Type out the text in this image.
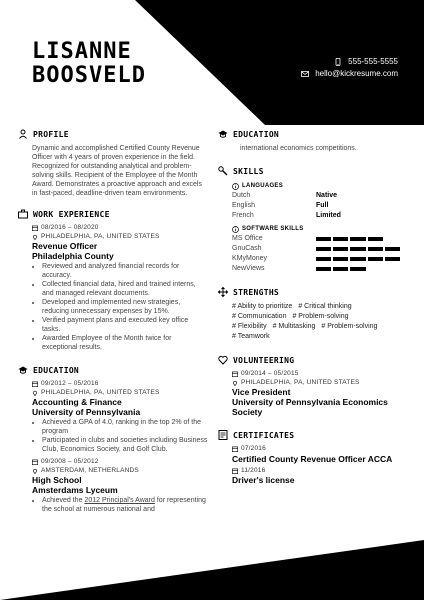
LISANNE
BOOSVELD
555-555-5555
hello@kickresume.com
PROFILE
Dynamic and accomplished Certified County Revenue Officer with 4 years of proven experience in the field. Recognized for outstanding analytical and problem-solving skills. Recipient of the Employee of the Month Award. Demonstrates a proactive approach and excels in fast-paced, deadline-driven team environments.
WORK EXPERIENCE
08/2016 – 08/2020
PHILADELPHIA, PA, UNITED STATES
Revenue Officer
Philadelphia County
• Reviewed and analyzed financial records for accuracy.
• Collected financial data, hired and trained interns, and managed relevant documents.
• Developed and implemented new strategies, reducing unnecessary expenses by 15%.
• Verified payment plans and executed key office tasks.
• Awarded Employee of the Month twice for exceptional results.
EDUCATION
09/2012 – 05/2016
PHILADELPHIA, PA, UNITED STATES
Accounting & Finance
University of Pennsylvania
• Achieved a GPA of 4.0, ranking in the top 2% of the program
• Participated in clubs and societies including Business Club, Economics Society, and Golf Club.
09/2008 – 05/2012
AMSTERDAM, NETHERLANDS
High School
Amsterdams Lyceum
• Achieved the 2012 Principal's Award for representing the school at numerous national and
EDUCATION
international economics competitions.
SKILLS
LANGUAGES
Dutch	Native
English	Full
French	Limited
SOFTWARE SKILLS
MS Office
GnuCash
KMyMoney
NewViews
STRENGTHS
# Ability to prioritize # Critical thinking
# Communication # Problem-solving
# Flexibility # Multitasking # Problem-solving
# Teamwork
VOLUNTEERING
09/2014 – 05/2015
PHILADELPHIA, PA, UNITED STATES
Vice President
University of Pennsylvania Economics Society
CERTIFICATES
07/2016
Certified County Revenue Officer ACCA
11/2016
Driver's license
